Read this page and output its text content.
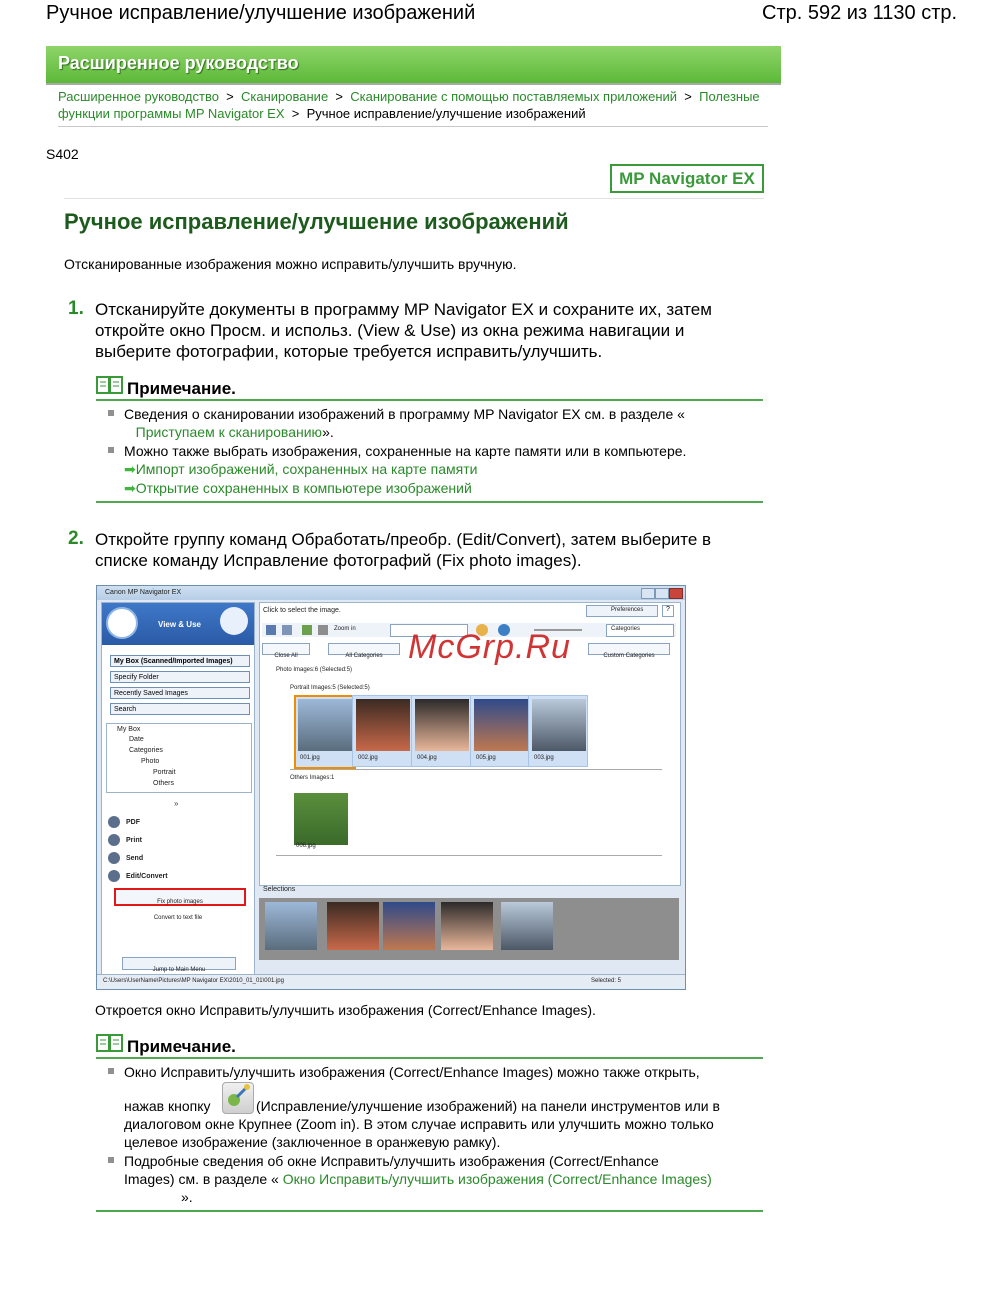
Ручное исправление/улучшение изображений	Стр. 592 из 1130 стр.
Расширенное руководство
Расширенное руководство  >  Сканирование  >  Сканирование с помощью поставляемых приложений  >  Полезные
функции программы MP Navigator EX  >  Ручное исправление/улучшение изображений
S402
MP Navigator EX
Ручное исправление/улучшение изображений
Отсканированные изображения можно исправить/улучшить вручную.
1. Отсканируйте документы в программу MP Navigator EX и сохраните их, затем
откройте окно Просм. и использ. (View & Use) из окна режима навигации и
выберите фотографии, которые требуется исправить/улучшить.
Примечание.
Сведения о сканировании изображений в программу MP Navigator EX см. в разделе «
Приступаем к сканированию».
Можно также выбрать изображения, сохраненные на карте памяти или в компьютере.
➡Импорт изображений, сохраненных на карте памяти
➡Открытие сохраненных в компьютере изображений
2. Откройте группу команд Обработать/преобр. (Edit/Convert), затем выберите в
списке команду Исправление фотографий (Fix photo images).
Canon MP Navigator EX
View & Use
My Box (Scanned/Imported Images)
Specify Folder
Recently Saved Images
Search
My Box
Date
Categories
Photo
Portrait
Others
»
PDF
Print
Send
Edit/Convert
Fix photo images
Convert to text file
Jump to Main Menu
Click to select the image.	Preferences	?
Zoom in	Categories
Close All	All Categories	Custom Categories
Photo Images:6 (Selected:5)
Portrait Images:5 (Selected:5)
001.jpg	002.jpg	004.jpg	005.jpg	003.jpg
Others Images:1
006.jpg
Selections
C:\Users\UserName\Pictures\MP Navigator EX\2010_01_01\001.jpg	Selected: 5
McGrp.Ru
Откроется окно Исправить/улучшить изображения (Correct/Enhance Images).
Примечание.
Окно Исправить/улучшить изображения (Correct/Enhance Images) можно также открыть,
нажав кнопку	(Исправление/улучшение изображений) на панели инструментов или в
диалоговом окне Крупнее (Zoom in). В этом случае исправить или улучшить можно только
целевое изображение (заключенное в оранжевую рамку).
Подробные сведения об окне Исправить/улучшить изображения (Correct/Enhance
Images) см. в разделе « Окно Исправить/улучшить изображения (Correct/Enhance Images)
».
